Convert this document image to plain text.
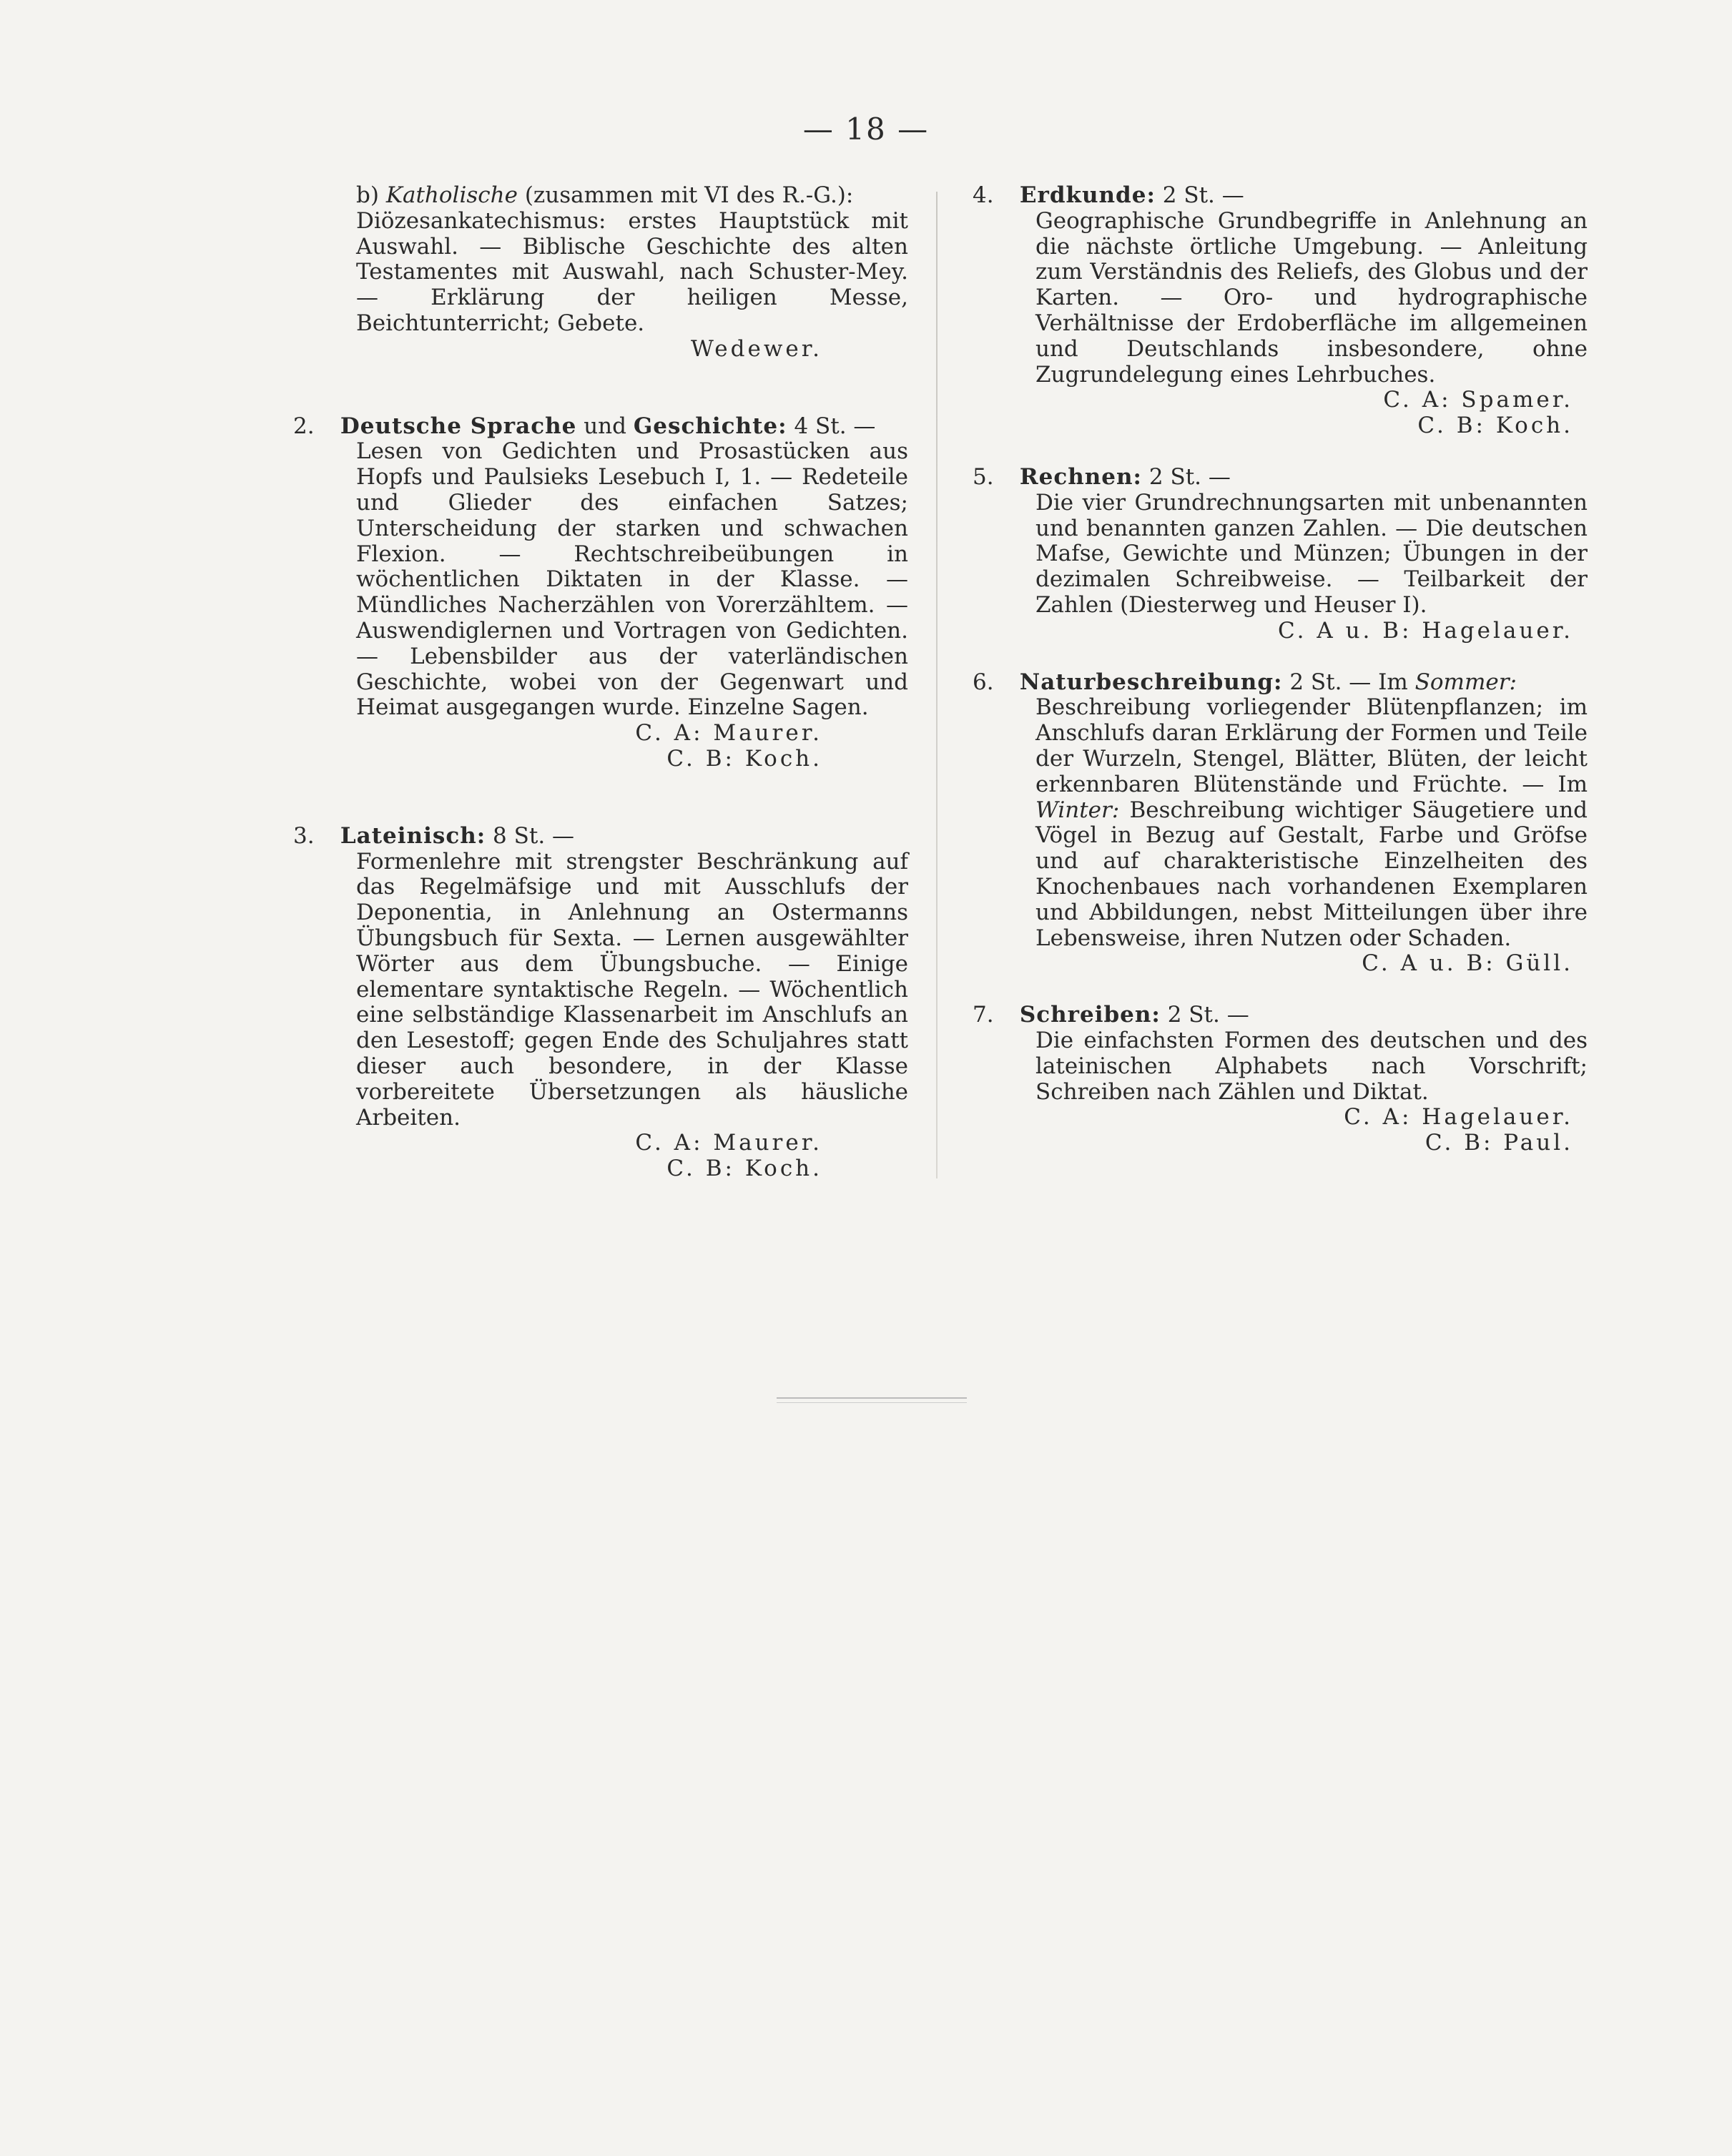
— 18 —
b) Katholische (zusammen mit VI des R.-G.):
Diözesankatechismus: erstes Hauptstück mit Auswahl. — Biblische Geschichte des alten Testamentes mit Auswahl, nach Schuster-Mey. — Erklärung der heiligen Messe, Beichtunterricht; Gebete.
Wedewer.
2. Deutsche Sprache und Geschichte: 4 St. —
Lesen von Gedichten und Prosastücken aus Hopfs und Paulsieks Lesebuch I, 1. — Redeteile und Glieder des einfachen Satzes; Unterscheidung der starken und schwachen Flexion. — Rechtschreibeübungen in wöchentlichen Diktaten in der Klasse. — Mündliches Nacherzählen von Vorerzähltem. — Auswendiglernen und Vortragen von Gedichten. — Lebensbilder aus der vaterländischen Geschichte, wobei von der Gegenwart und Heimat ausgegangen wurde. Einzelne Sagen.
C. A: Maurer.
C. B: Koch.
3. Lateinisch: 8 St. —
Formenlehre mit strengster Beschränkung auf das Regelmäfsige und mit Ausschlufs der Deponentia, in Anlehnung an Ostermanns Übungsbuch für Sexta. — Lernen ausgewählter Wörter aus dem Übungsbuche. — Einige elementare syntaktische Regeln. — Wöchentlich eine selbständige Klassenarbeit im Anschlufs an den Lesestoff; gegen Ende des Schuljahres statt dieser auch besondere, in der Klasse vorbereitete Übersetzungen als häusliche Arbeiten.
C. A: Maurer.
C. B: Koch.
4. Erdkunde: 2 St. —
Geographische Grundbegriffe in Anlehnung an die nächste örtliche Umgebung. — Anleitung zum Verständnis des Reliefs, des Globus und der Karten. — Oro- und hydrographische Verhältnisse der Erdoberfläche im allgemeinen und Deutschlands insbesondere, ohne Zugrundelegung eines Lehrbuches.
C. A: Spamer.
C. B: Koch.
5. Rechnen: 2 St. —
Die vier Grundrechnungsarten mit unbenannten und benannten ganzen Zahlen. — Die deutschen Mafse, Gewichte und Münzen; Übungen in der dezimalen Schreibweise. — Teilbarkeit der Zahlen (Diesterweg und Heuser I).
C. A u. B: Hagelauer.
6. Naturbeschreibung: 2 St. — Im Sommer:
Beschreibung vorliegender Blütenpflanzen; im Anschlufs daran Erklärung der Formen und Teile der Wurzeln, Stengel, Blätter, Blüten, der leicht erkennbaren Blütenstände und Früchte. — Im Winter: Beschreibung wichtiger Säugetiere und Vögel in Bezug auf Gestalt, Farbe und Gröfse und auf charakteristische Einzelheiten des Knochenbaues nach vorhandenen Exemplaren und Abbildungen, nebst Mitteilungen über ihre Lebensweise, ihren Nutzen oder Schaden.
C. A u. B: Güll.
7. Schreiben: 2 St. —
Die einfachsten Formen des deutschen und des lateinischen Alphabets nach Vorschrift; Schreiben nach Zählen und Diktat.
C. A: Hagelauer.
C. B: Paul.
